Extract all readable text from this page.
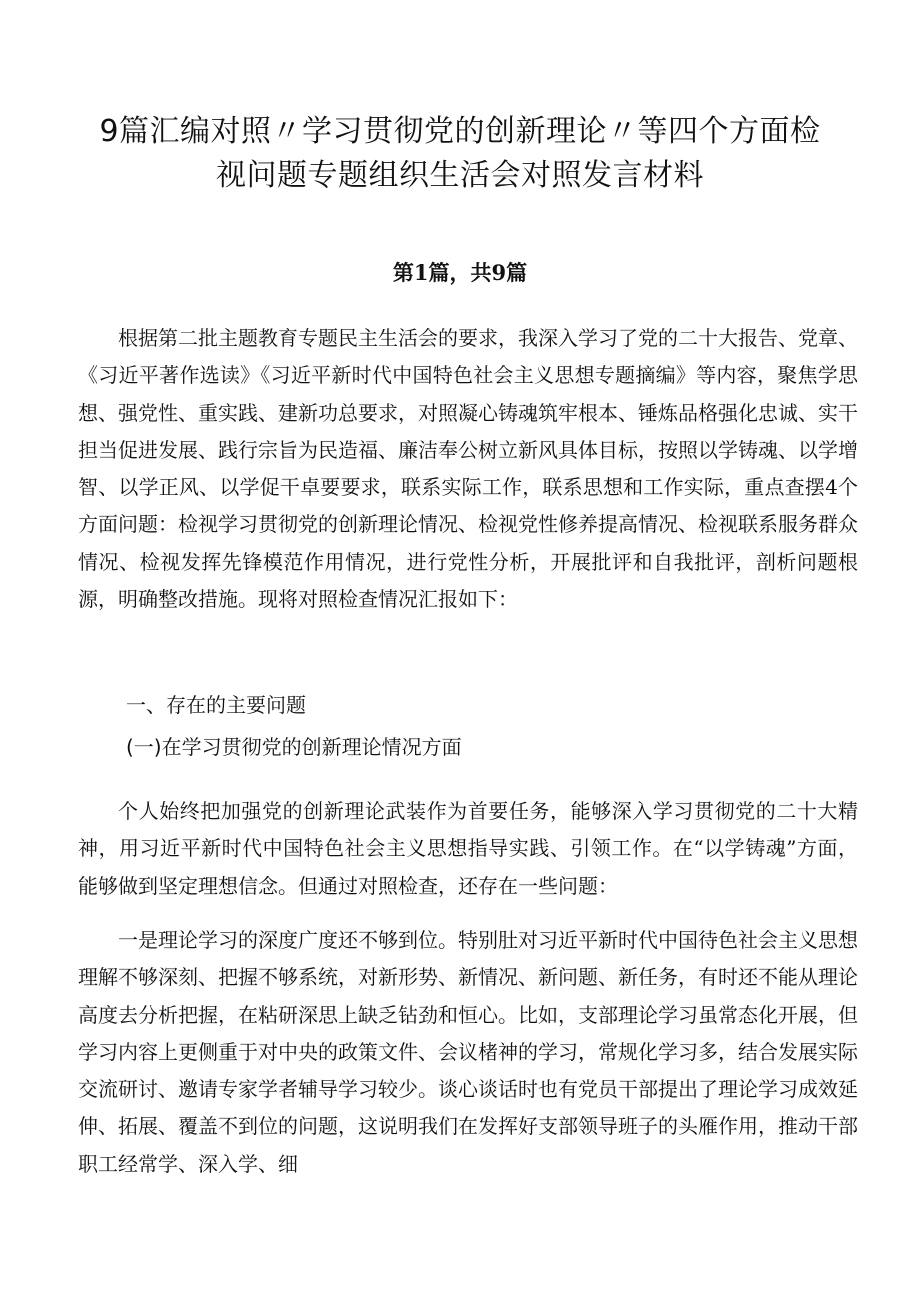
9篇汇编对照〃学习贯彻党的创新理论〃等四个方面检
视问题专题组织生活会对照发言材料

第1篇，共9篇

根据第二批主题教育专题民主生活会的要求，我深入学习了党的二十大报告、党章、《习近平著作选读》《习近平新时代中国特色社会主义思想专题摘编》等内容，聚焦学思想、强党性、重实践、建新功总要求，对照凝心铸魂筑牢根本、锤炼品格强化忠诚、实干担当促进发展、践行宗旨为民造福、廉洁奉公树立新风具体目标，按照以学铸魂、以学增智、以学正风、以学促干卓要要求，联系实际工作，联系思想和工作实际，重点查摆4个方面问题：检视学习贯彻党的创新理论情况、检视党性修养提高情况、检视联系服务群众情况、检视发挥先锋模范作用情况，进行党性分析，开展批评和自我批评，剖析问题根源，明确整改措施。现将对照检查情况汇报如下：

一、存在的主要问题
(一)在学习贯彻党的创新理论情况方面

个人始终把加强党的创新理论武装作为首要任务，能够深入学习贯彻党的二十大精神，用习近平新时代中国特色社会主义思想指导实践、引领工作。在“以学铸魂”方面，能够做到坚定理想信念。但通过对照检查，还存在一些问题：

一是理论学习的深度广度还不够到位。特别肚对习近平新时代中国待色社会主义思想理解不够深刻、把握不够系统，对新形势、新情况、新问题、新任务，有时还不能从理论高度去分析把握，在粘研深思上缺乏钻劲和恒心。比如，支部理论学习虽常态化开展，但学习内容上更侧重于对中央的政策文件、会议楮神的学习，常规化学习多，结合发展实际交流研讨、邀请专家学者辅导学习较少。谈心谈话时也有党员干部提出了理论学习成效延伸、拓展、覆盖不到位的问题，这说明我们在发挥好支部领导班子的头雁作用，推动干部职工经常学、深入学、细
